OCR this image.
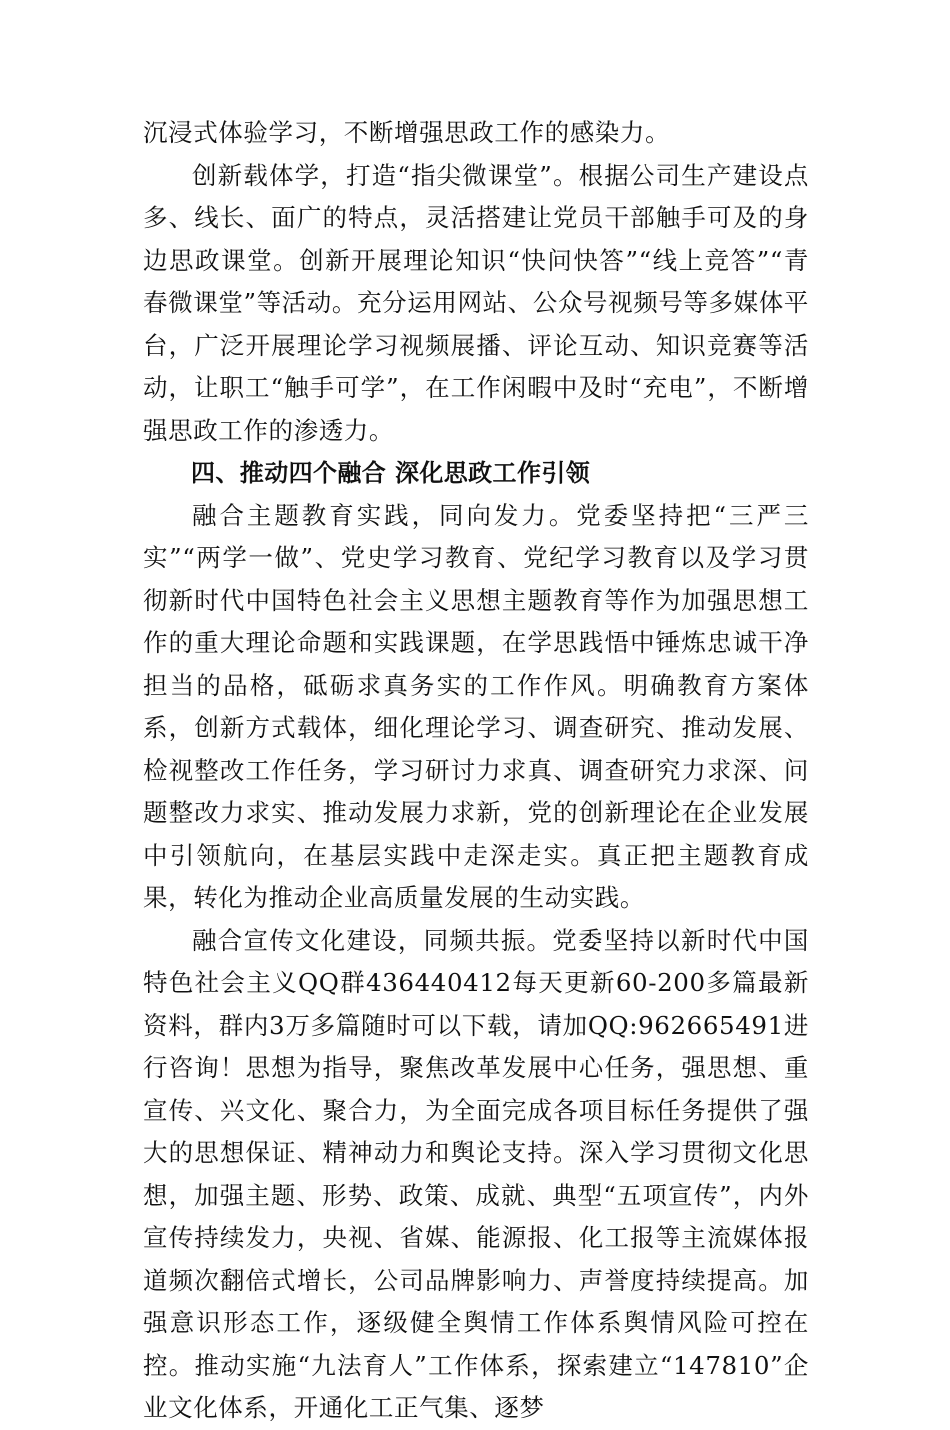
沉浸式体验学习，不断增强思政工作的感染力。

创新载体学，打造“指尖微课堂”。根据公司生产建设点多、线长、面广的特点，灵活搭建让党员干部触手可及的身边思政课堂。创新开展理论知识“快问快答”“线上竞答”“青春微课堂”等活动。充分运用网站、公众号视频号等多媒体平台，广泛开展理论学习视频展播、评论互动、知识竞赛等活动，让职工“触手可学”，在工作闲暇中及时“充电”，不断增强思政工作的渗透力。

四、推动四个融合 深化思政工作引领

融合主题教育实践，同向发力。党委坚持把“三严三实”“两学一做”、党史学习教育、党纪学习教育以及学习贯彻新时代中国特色社会主义思想主题教育等作为加强思想工作的重大理论命题和实践课题，在学思践悟中锤炼忠诚干净担当的品格，砥砺求真务实的工作作风。明确教育方案体系，创新方式载体，细化理论学习、调查研究、推动发展、检视整改工作任务，学习研讨力求真、调查研究力求深、问题整改力求实、推动发展力求新，党的创新理论在企业发展中引领航向，在基层实践中走深走实。真正把主题教育成果，转化为推动企业高质量发展的生动实践。

融合宣传文化建设，同频共振。党委坚持以新时代中国特色社会主义QQ群436440412每天更新60-200多篇最新资料，群内3万多篇随时可以下载，请加QQ:962665491进行咨询！思想为指导，聚焦改革发展中心任务，强思想、重宣传、兴文化、聚合力，为全面完成各项目标任务提供了强大的思想保证、精神动力和舆论支持。深入学习贯彻文化思想，加强主题、形势、政策、成就、典型“五项宣传”，内外宣传持续发力，央视、省媒、能源报、化工报等主流媒体报道频次翻倍式增长，公司品牌影响力、声誉度持续提高。加强意识形态工作，逐级健全舆情工作体系舆情风险可控在控。推动实施“九法育人”工作体系，探索建立“147810”企业文化体系，开通化工正气集、逐梦
